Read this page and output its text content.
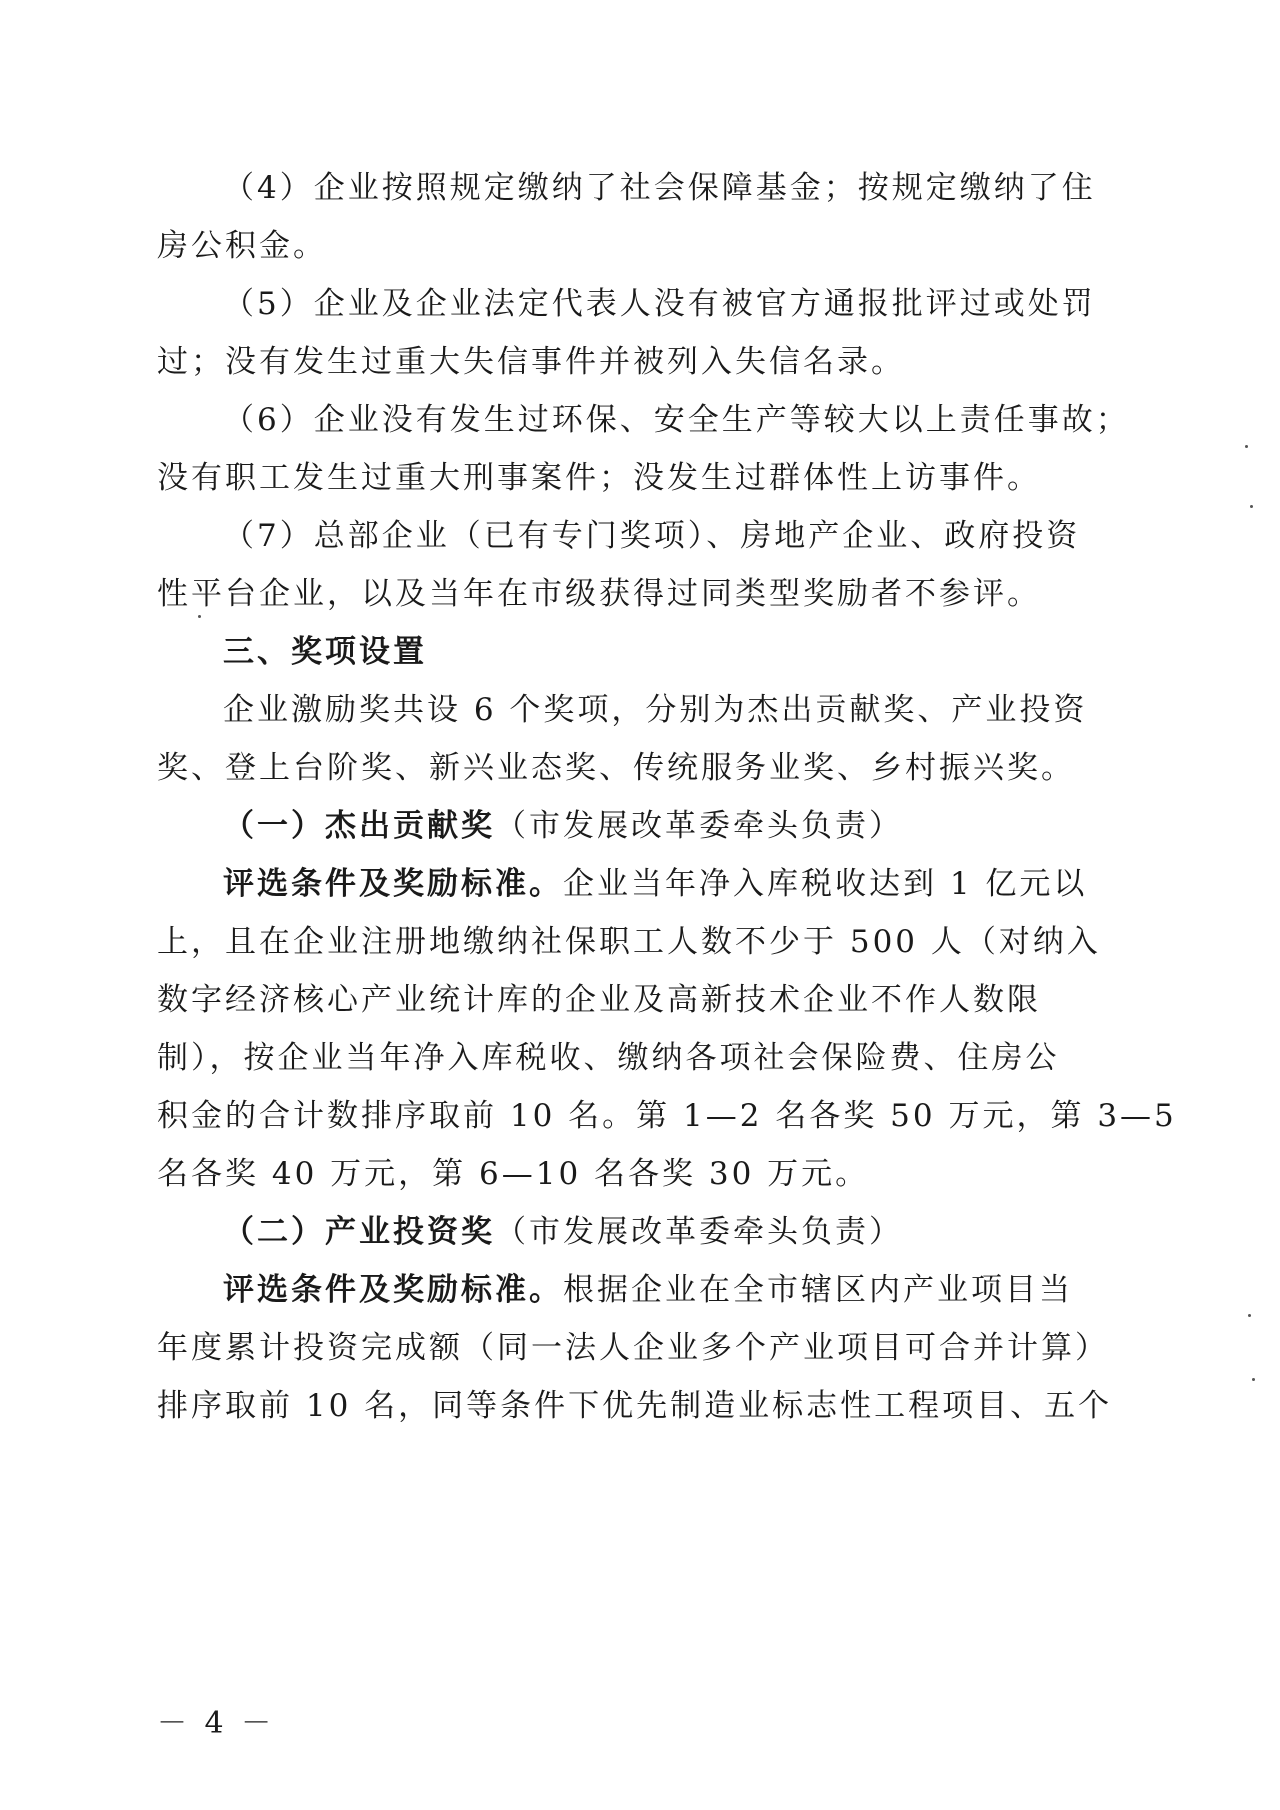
（4）企业按照规定缴纳了社会保障基金；按规定缴纳了住
房公积金。
（5）企业及企业法定代表人没有被官方通报批评过或处罚
过；没有发生过重大失信事件并被列入失信名录。
（6）企业没有发生过环保、安全生产等较大以上责任事故；
没有职工发生过重大刑事案件；没发生过群体性上访事件。
（7）总部企业（已有专门奖项）、房地产企业、政府投资
性平台企业，以及当年在市级获得过同类型奖励者不参评。
三、奖项设置
企业激励奖共设 6 个奖项，分别为杰出贡献奖、产业投资
奖、登上台阶奖、新兴业态奖、传统服务业奖、乡村振兴奖。
（一）杰出贡献奖（市发展改革委牵头负责）
评选条件及奖励标准。企业当年净入库税收达到 1 亿元以
上，且在企业注册地缴纳社保职工人数不少于 500 人（对纳入
数字经济核心产业统计库的企业及高新技术企业不作人数限
制），按企业当年净入库税收、缴纳各项社会保险费、住房公
积金的合计数排序取前 10 名。第 1—2 名各奖 50 万元，第 3—5
名各奖 40 万元，第 6—10 名各奖 30 万元。
（二）产业投资奖（市发展改革委牵头负责）
评选条件及奖励标准。根据企业在全市辖区内产业项目当
年度累计投资完成额（同一法人企业多个产业项目可合并计算）
排序取前 10 名，同等条件下优先制造业标志性工程项目、五个
－ 4 －
